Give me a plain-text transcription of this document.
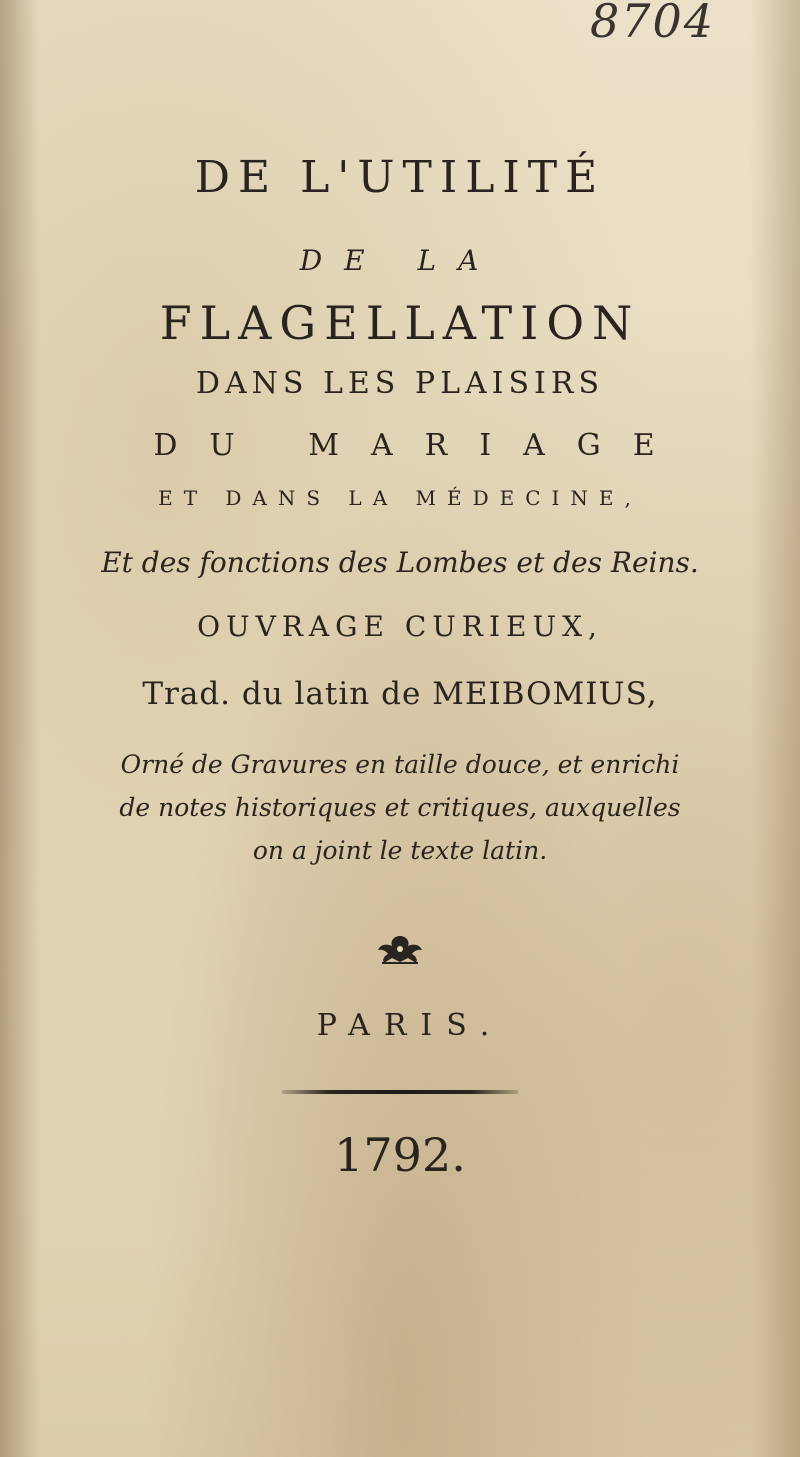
8704
DE L'UTILITÉ
DE LA
FLAGELLATION
DANS LES PLAISIRS
DU MARIAGE
ET DANS LA MÉDECINE,
Et des fonctions des Lombes et des Reins.
OUVRAGE CURIEUX,
Trad. du latin de MEIBOMIUS,
Orné de Gravures en taille douce, et enrichi
de notes historiques et critiques, auxquelles
on a joint le texte latin.
PARIS.
1792.
